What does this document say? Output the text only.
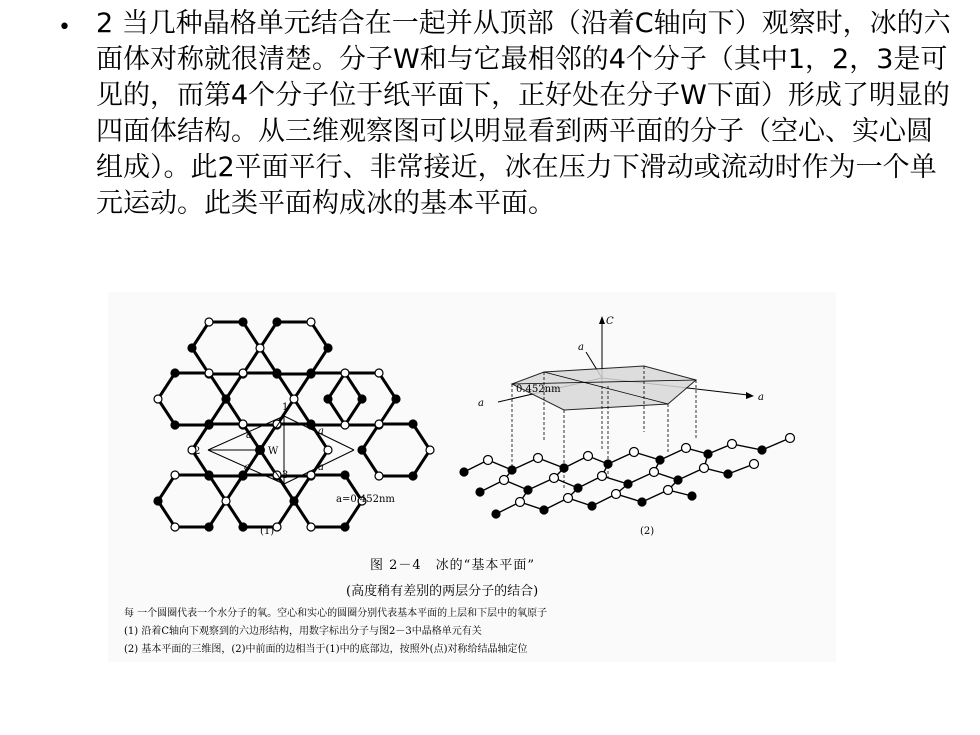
• 2 当几种晶格单元结合在一起并从顶部（沿着C轴向下）观察时，冰的六面体对称就很清楚。分子W和与它最相邻的4个分子（其中1，2，3是可见的，而第4个分子位于纸平面下，正好处在分子W下面）形成了明显的四面体结构。从三维观察图可以明显看到两平面的分子（空心、实心圆组成）。此2平面平行、非常接近，冰在压力下滑动或流动时作为一个单元运动。此类平面构成冰的基本平面。

W
1
2
3
a	a
a	a
a=0.452nm
(1)
C
a
a
a
0.452nm
(2)
图 2－4　冰的“基本平面”
(高度稍有差别的两层分子的结合)
每 一个圆圈代表一个水分子的氧。空心和实心的圆圈分别代表基本平面的上层和下层中的氧原子
(1) 沿着C轴向下观察到的六边形结构，用数字标出分子与图2－3中晶格单元有关
(2) 基本平面的三维图，(2)中前面的边相当于(1)中的底部边，按照外(点)对称给结晶轴定位
